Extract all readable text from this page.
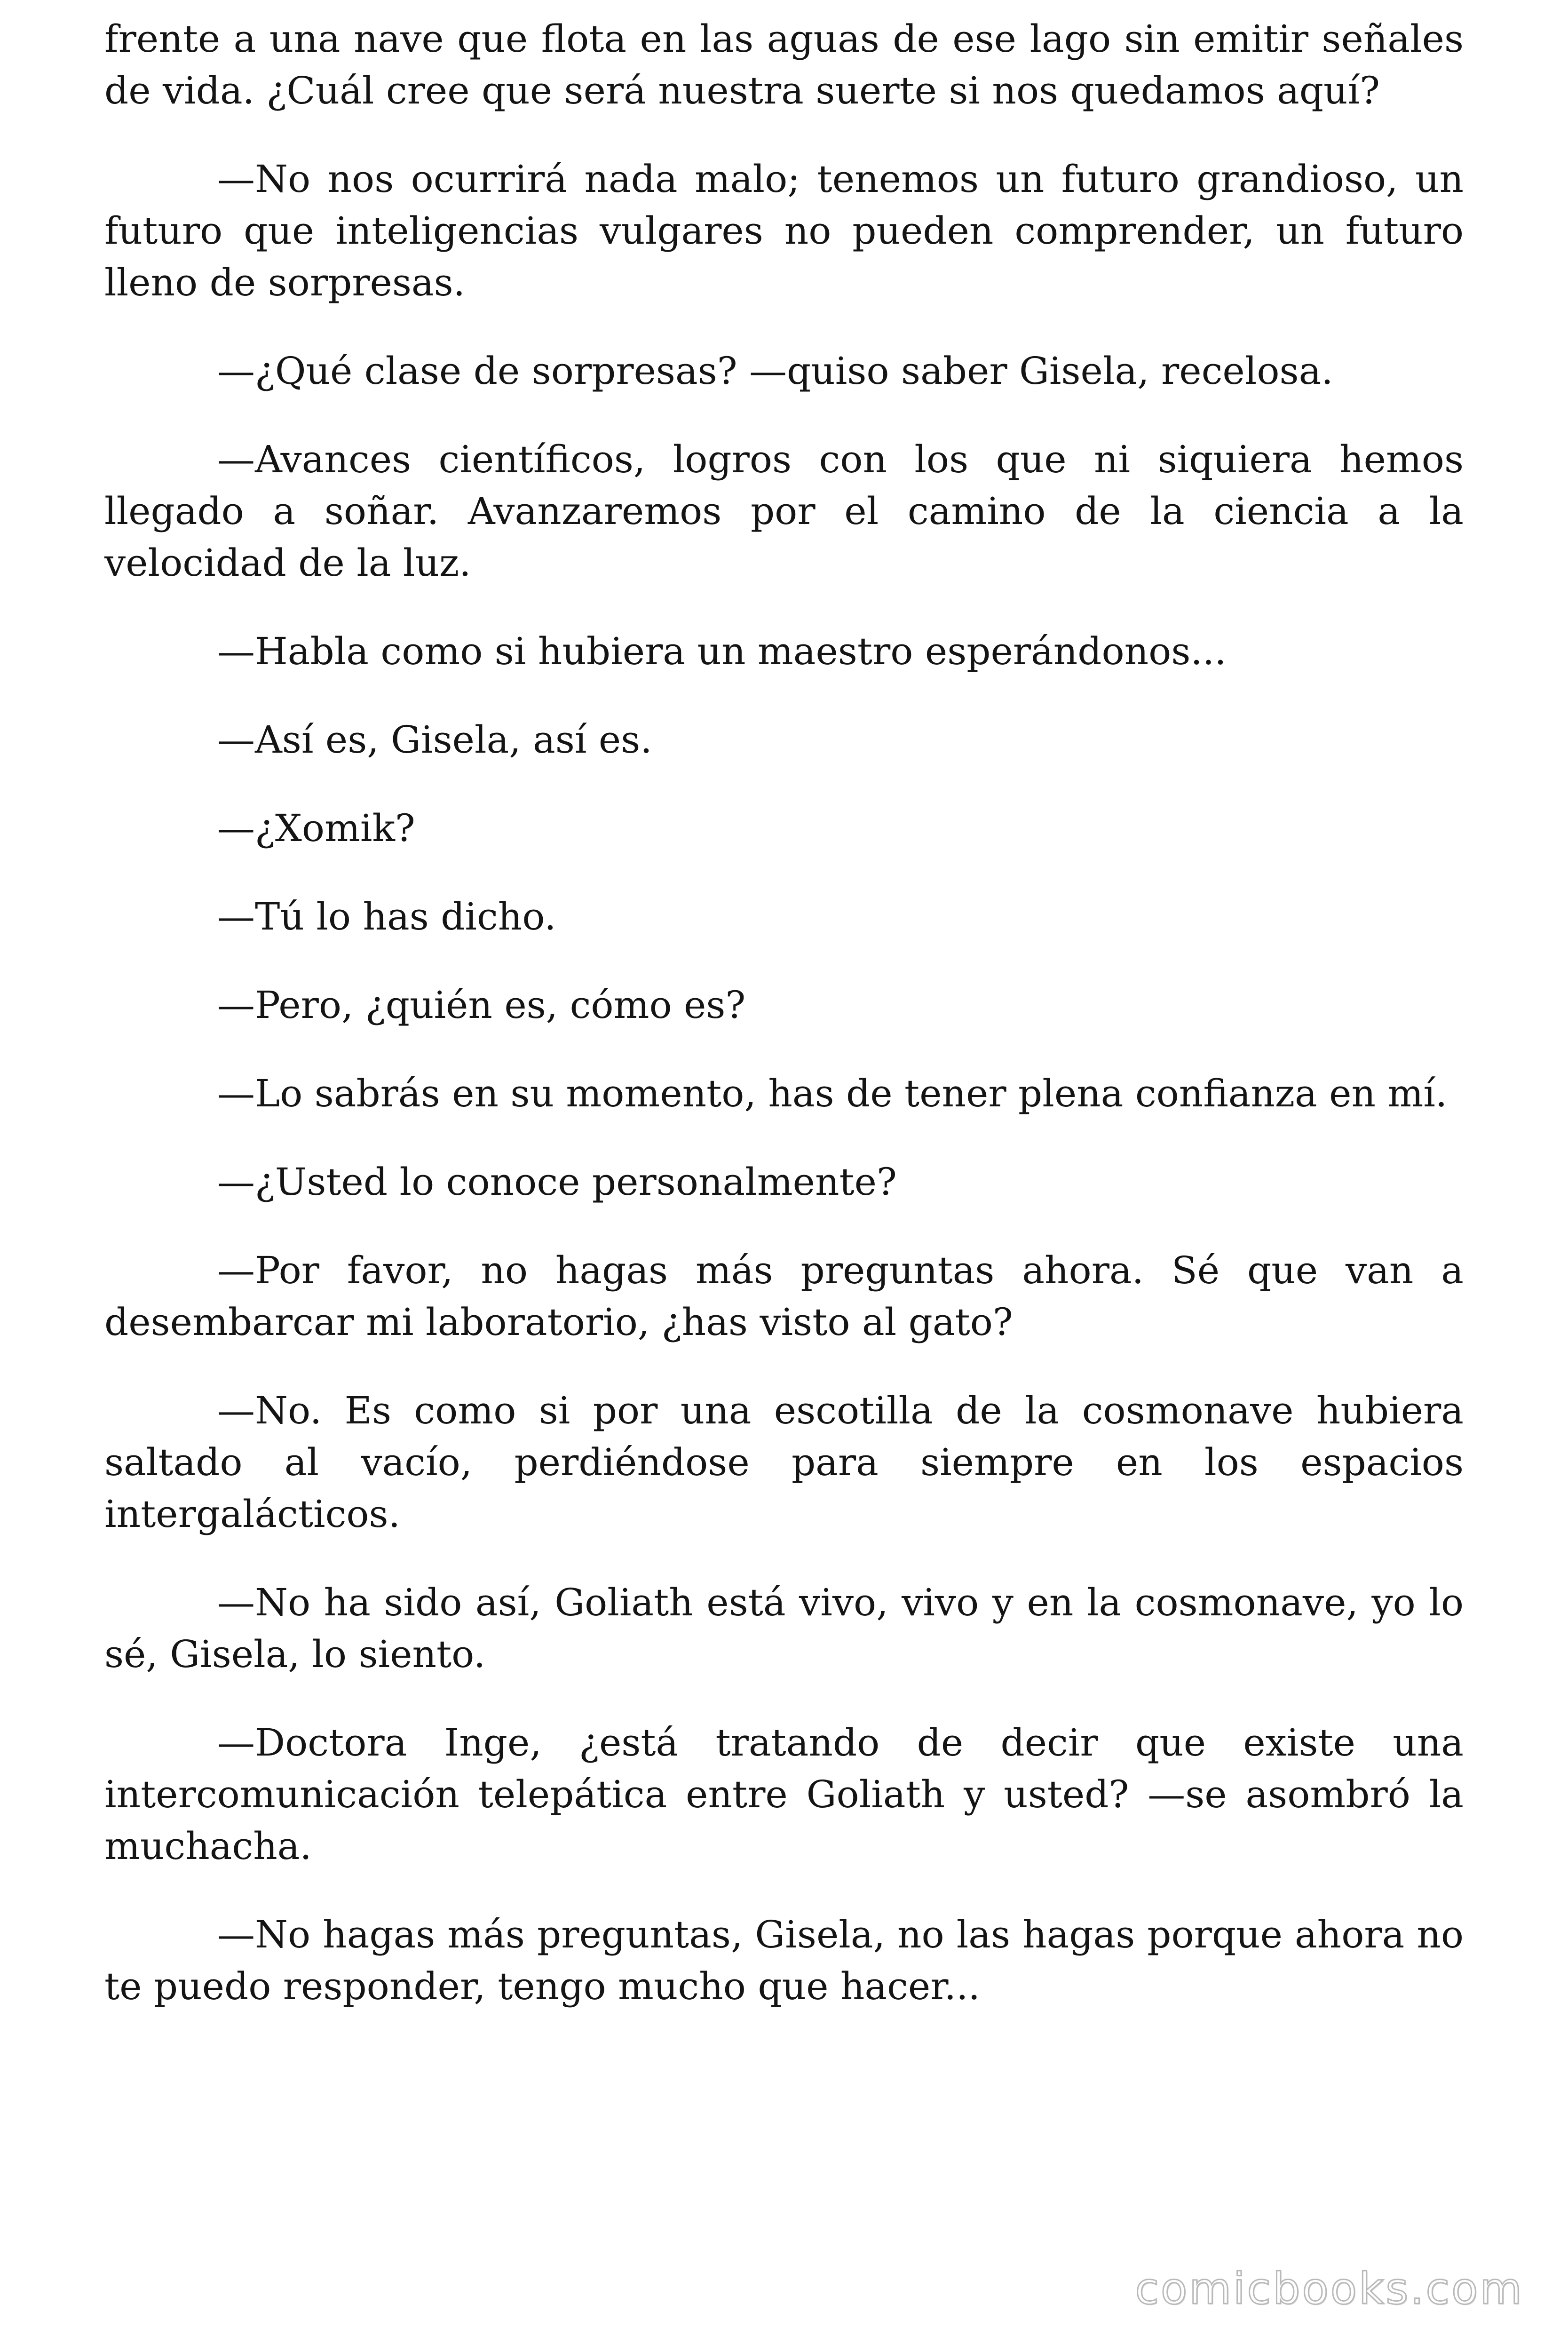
frente a una nave que flota en las aguas de ese lago sin emitir señales de vida. ¿Cuál cree que será nuestra suerte si nos quedamos aquí?

—No nos ocurrirá nada malo; tenemos un futuro grandioso, un futuro que inteligencias vulgares no pueden comprender, un futuro lleno de sorpresas.

—¿Qué clase de sorpresas? —quiso saber Gisela, recelosa.

—Avances científicos, logros con los que ni siquiera hemos llegado a soñar. Avanzaremos por el camino de la ciencia a la velocidad de la luz.

—Habla como si hubiera un maestro esperándonos...

—Así es, Gisela, así es.

—¿Xomik?

—Tú lo has dicho.

—Pero, ¿quién es, cómo es?

—Lo sabrás en su momento, has de tener plena confianza en mí.

—¿Usted lo conoce personalmente?

—Por favor, no hagas más preguntas ahora. Sé que van a desembarcar mi laboratorio, ¿has visto al gato?

—No. Es como si por una escotilla de la cosmonave hubiera saltado al vacío, perdiéndose para siempre en los espacios intergalácticos.

—No ha sido así, Goliath está vivo, vivo y en la cosmonave, yo lo sé, Gisela, lo siento.

—Doctora Inge, ¿está tratando de decir que existe una intercomunicación telepática entre Goliath y usted? —se asombró la muchacha.

—No hagas más preguntas, Gisela, no las hagas porque ahora no te puedo responder, tengo mucho que hacer...

comicbooks.com
